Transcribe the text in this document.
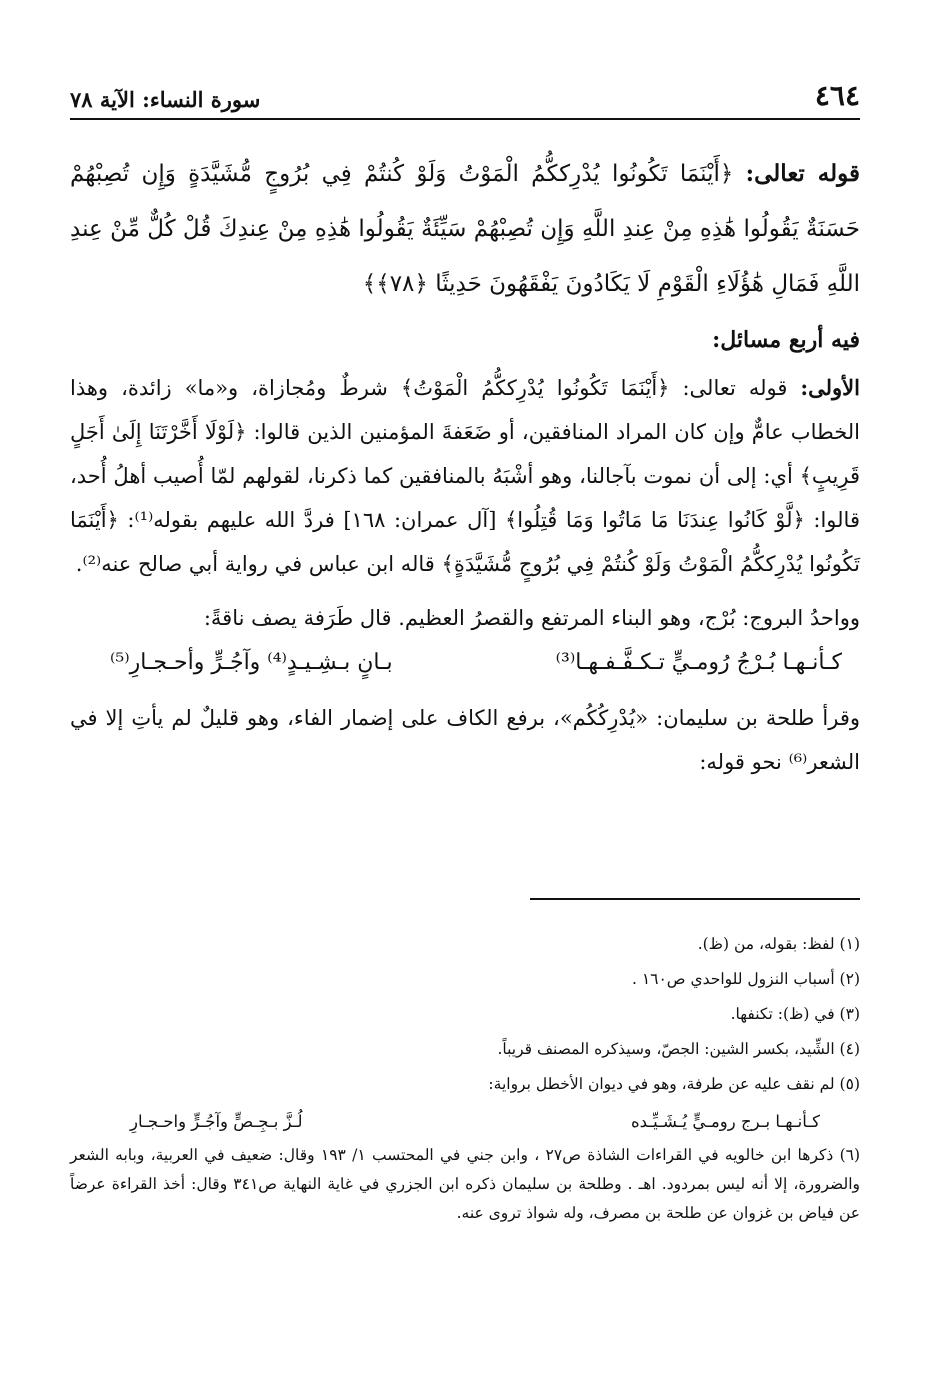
٤٦٤
سورة النساء: الآية ٧٨

قوله تعالى: ﴿أَيْنَمَا تَكُونُوا يُدْرِككُّمُ الْمَوْتُ وَلَوْ كُنتُمْ فِي بُرُوجٍ مُّشَيَّدَةٍ وَإِن تُصِبْهُمْ حَسَنَةٌ يَقُولُوا هَٰذِهِ مِنْ عِندِ اللَّهِ وَإِن تُصِبْهُمْ سَيِّئَةٌ يَقُولُوا هَٰذِهِ مِنْ عِندِكَ قُلْ كُلٌّ مِّنْ عِندِ اللَّهِ فَمَالِ هَٰؤُلَاءِ الْقَوْمِ لَا يَكَادُونَ يَفْقَهُونَ حَدِيثًا ﴿٧٨﴾﴾

فيه أربع مسائل:

الأولى: قوله تعالى: ﴿أَيْنَمَا تَكُونُوا يُدْرِككُّمُ الْمَوْتُ﴾ شرطٌ ومُجازاة، و«ما» زائدة، وهذا الخطاب عامٌّ وإن كان المراد المنافقين، أو ضَعَفةَ المؤمنين الذين قالوا: ﴿لَوْلَا أَخَّرْتَنَا إِلَىٰ أَجَلٍ قَرِيبٍ﴾ أي: إلى أن نموت بآجالنا، وهو أشْبَهُ بالمنافقين كما ذكرنا، لقولهم لمّا أُصيب أهلُ أُحد، قالوا: ﴿لَّوْ كَانُوا عِندَنَا مَا مَاتُوا وَمَا قُتِلُوا﴾ [آل عمران: ١٦٨] فردَّ الله عليهم بقوله⁽¹⁾: ﴿أَيْنَمَا تَكُونُوا يُدْرِككُّمُ الْمَوْتُ وَلَوْ كُنتُمْ فِي بُرُوجٍ مُّشَيَّدَةٍ﴾ قاله ابن عباس في رواية أبي صالح عنه⁽²⁾.

وواحدُ البروج: بُرْج، وهو البناء المرتفع والقصرُ العظيم. قال طَرَفة يصف ناقةً:

كـأنـهـا بُـرْجُ رُومـيٍّ تـكـفَّـفـهـا⁽³⁾
بـانٍ بـشِـيـدٍ⁽⁴⁾ وآجُـرٍّ وأحـجـارِ⁽⁵⁾

وقرأ طلحة بن سليمان: «يُدْرِكُكُم»، برفع الكاف على إضمار الفاء، وهو قليلٌ لم يأتِ إلا في الشعر⁽⁶⁾ نحو قوله:

(١) لفظ: بقوله، من (ظ).

(٢) أسباب النزول للواحدي ص١٦٠ .

(٣) في (ظ): تكنفها.

(٤) الشِّيد، بكسر الشين: الجصّ، وسيذكره المصنف قريباً.

(٥) لم نقف عليه عن طرفة، وهو في ديوان الأخطل برواية:

كـأنـهـا بـرج رومـيٍّ يُـشَـيِّـده
لُـزَّ بـجِـصٍّ وآجُـرٍّ واحـجـارِ

(٦) ذكرها ابن خالويه في القراءات الشاذة ص٢٧ ، وابن جني في المحتسب ١/ ١٩٣ وقال: ضعيف في العربية، وبابه الشعر والضرورة، إلا أنه ليس بمردود. اهـ . وطلحة بن سليمان ذكره ابن الجزري في غاية النهاية ص٣٤١ وقال: أخذ القراءة عرضاً عن فياض بن غزوان عن طلحة بن مصرف، وله شواذ تروى عنه.
